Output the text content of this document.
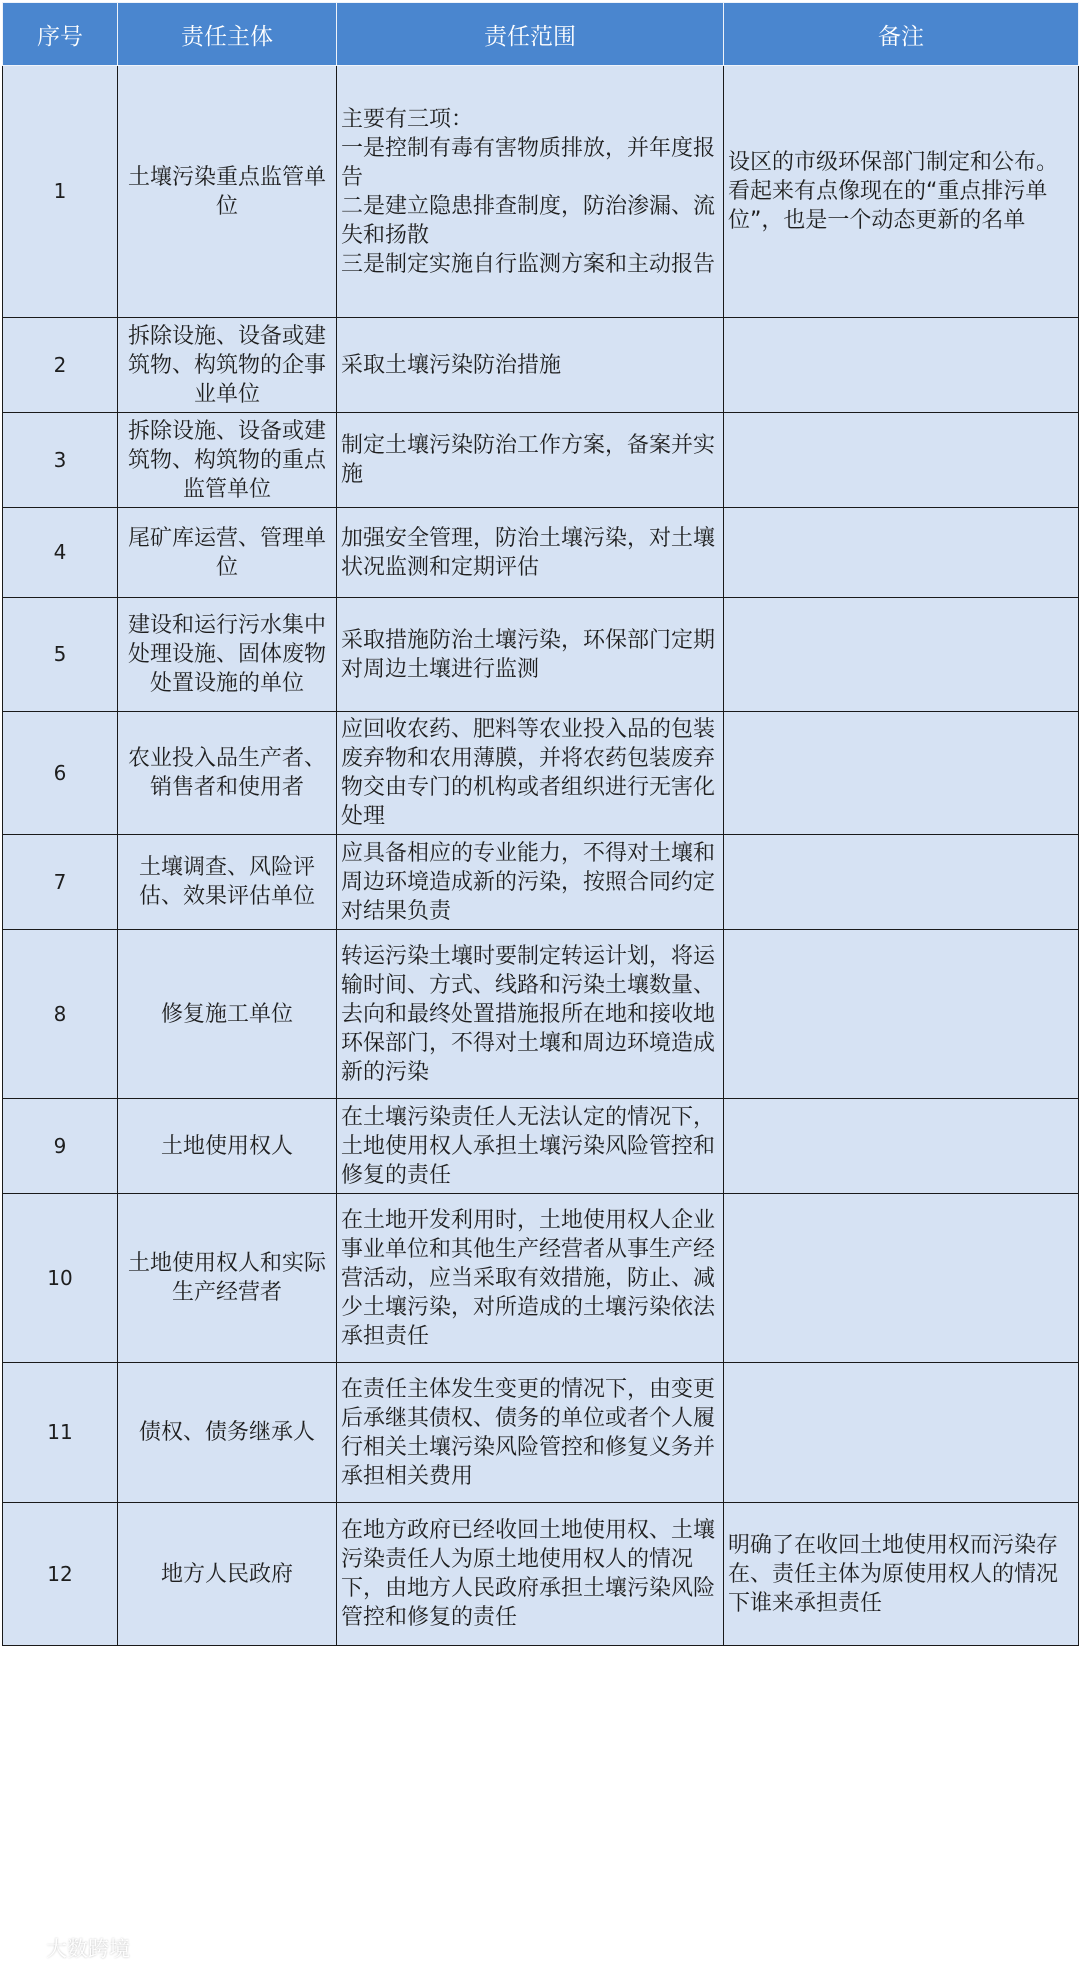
序号	责任主体	责任范围	备注
1	土壤污染重点监管单位	主要有三项：
一是控制有毒有害物质排放，并年度报告
二是建立隐患排查制度，防治渗漏、流失和扬散
三是制定实施自行监测方案和主动报告	设区的市级环保部门制定和公布。看起来有点像现在的“重点排污单位”，也是一个动态更新的名单
2	拆除设施、设备或建筑物、构筑物的企事业单位	采取土壤污染防治措施	

3	拆除设施、设备或建筑物、构筑物的重点监管单位	制定土壤污染防治工作方案，备案并实施	

4	尾矿库运营、管理单位	加强安全管理，防治土壤污染，对土壤状况监测和定期评估	

5	建设和运行污水集中处理设施、固体废物处置设施的单位	采取措施防治土壤污染，环保部门定期对周边土壤进行监测	

6	农业投入品生产者、销售者和使用者	应回收农药、肥料等农业投入品的包装废弃物和农用薄膜，并将农药包装废弃物交由专门的机构或者组织进行无害化处理	

7	土壤调查、风险评估、效果评估单位	应具备相应的专业能力，不得对土壤和周边环境造成新的污染，按照合同约定对结果负责	

8	修复施工单位	转运污染土壤时要制定转运计划，将运输时间、方式、线路和污染土壤数量、去向和最终处置措施报所在地和接收地环保部门，不得对土壤和周边环境造成新的污染	

9	土地使用权人	在土壤污染责任人无法认定的情况下，土地使用权人承担土壤污染风险管控和修复的责任	

10	土地使用权人和实际生产经营者	在土地开发利用时，土地使用权人企业事业单位和其他生产经营者从事生产经营活动，应当采取有效措施，防止、减少土壤污染，对所造成的土壤污染依法承担责任	

11	债权、债务继承人	在责任主体发生变更的情况下，由变更后承继其债权、债务的单位或者个人履行相关土壤污染风险管控和修复义务并承担相关费用	

12	地方人民政府	在地方政府已经收回土地使用权、土壤污染责任人为原土地使用权人的情况下，由地方人民政府承担土壤污染风险管控和修复的责任	明确了在收回土地使用权而污染存在、责任主体为原使用权人的情况下谁来承担责任
大数跨境
